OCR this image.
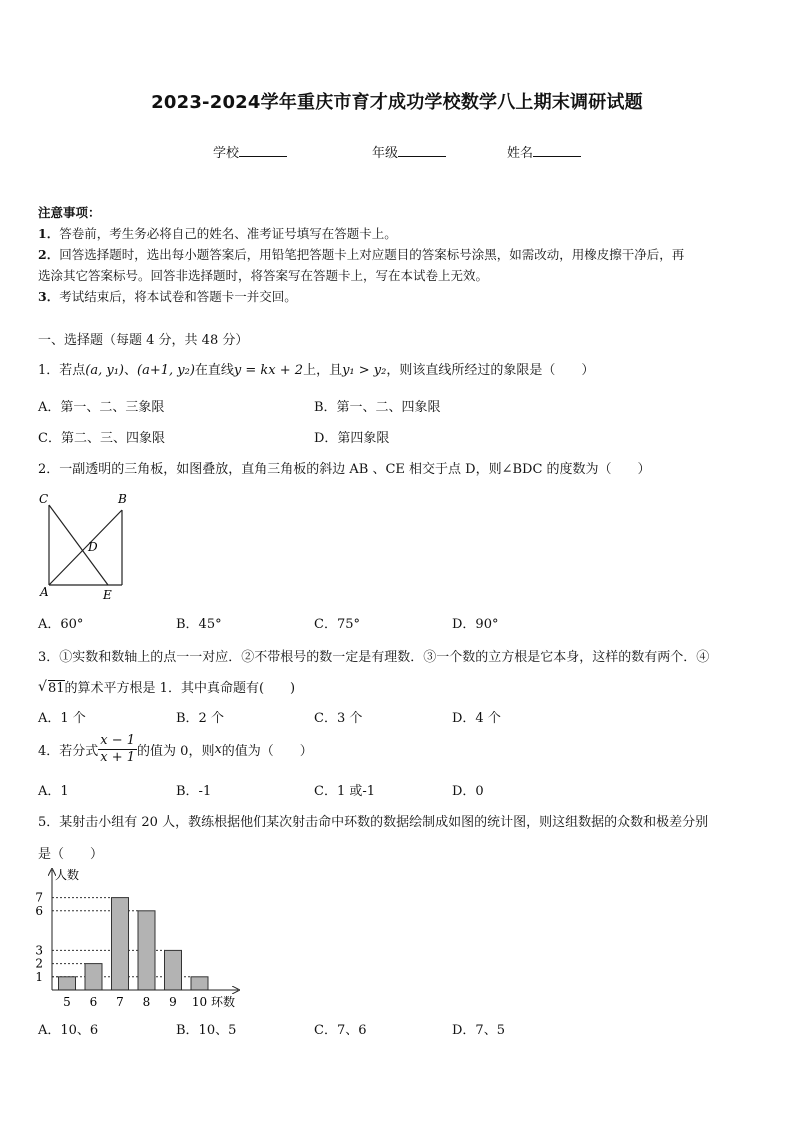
2023-2024学年重庆市育才成功学校数学八上期末调研试题
学校	年级	姓名
注意事项：
1．答卷前，考生务必将自己的姓名、准考证号填写在答题卡上。
2．回答选择题时，选出每小题答案后，用铅笔把答题卡上对应题目的答案标号涂黑，如需改动，用橡皮擦干净后，再
选涂其它答案标号。回答非选择题时，将答案写在答题卡上，写在本试卷上无效。
3．考试结束后，将本试卷和答题卡一并交回。
一、选择题（每题 4 分，共 48 分）
1．若点(a, y₁)、(a+1, y₂)在直线y = kx + 2上，且y₁ > y₂，则该直线所经过的象限是（　　）
A．第一、二、三象限	B．第一、二、四象限
C．第二、三、四象限	D．第四象限
2．一副透明的三角板，如图叠放，直角三角板的斜边 AB 、CE 相交于点 D，则∠BDC 的度数为（　　）
C	B
D
A	E
A．60°	B．45°	C．75°	D．90°
3．①实数和数轴上的点一一对应．②不带根号的数一定是有理数．③一个数的立方根是它本身，这样的数有两个．④
√ 81的算术平方根是 1．其中真命题有(　　)
A．1 个	B．2 个	C．3 个	D．4 个
4．若分式 $\frac{x - 1}{x + 1}$ 的值为 0，则x的值为（　　）
A．1	B．-1	C．1 或-1	D．0
5．某射击小组有 20 人，教练根据他们某次射击命中环数的数据绘制成如图的统计图，则这组数据的众数和极差分别
是（　　）
人数
环数
1
2
3
6
7
5 6 7 8 9 10
A．10、6	B．10、5	C．7、6	D．7、5
